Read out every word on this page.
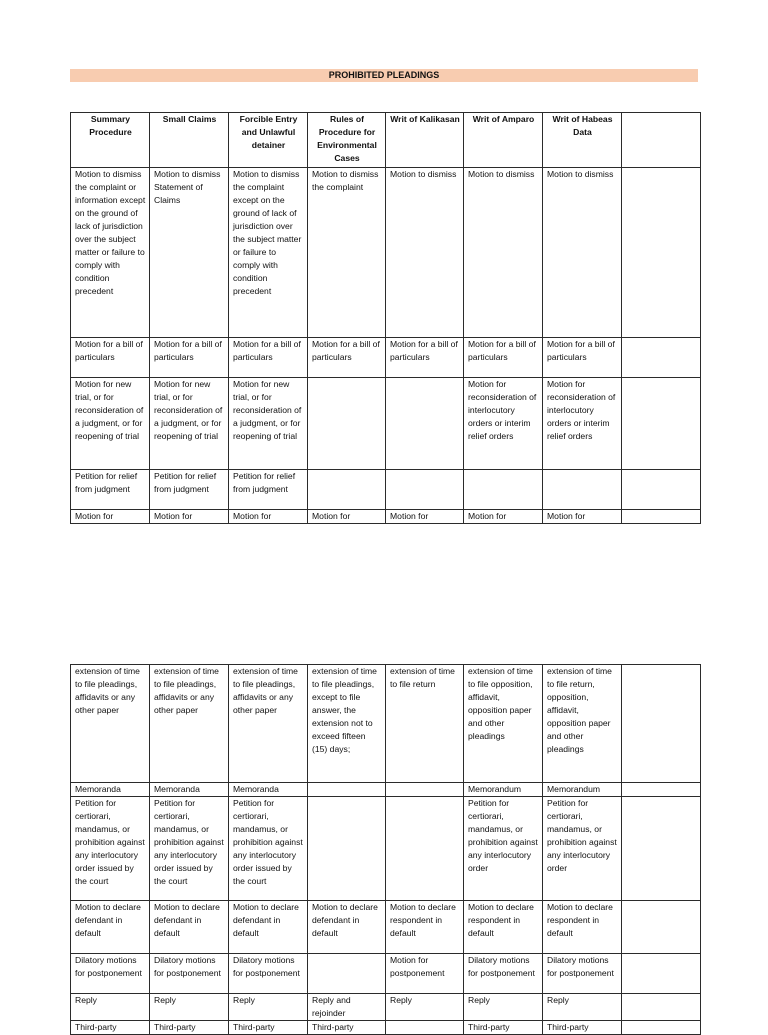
PROHIBITED PLEADINGS
Summary Procedure	Small Claims	Forcible Entry and Unlawful detainer	Rules of Procedure for Environmental Cases	Writ of Kalikasan	Writ of Amparo	Writ of Habeas Data	
Motion to dismiss the complaint or information except on the ground of lack of jurisdiction over the subject matter or failure to comply with condition precedent	Motion to dismiss Statement of Claims	Motion to dismiss the complaint except on the ground of lack of jurisdiction over the subject matter or failure to comply with condition precedent	Motion to dismiss the complaint	Motion to dismiss	Motion to dismiss	Motion to dismiss	
Motion for a bill of particulars	Motion for a bill of particulars	Motion for a bill of particulars	Motion for a bill of particulars	Motion for a bill of particulars	Motion for a bill of particulars	Motion for a bill of particulars	
Motion for new trial, or for reconsideration of a judgment, or for reopening of trial	Motion for new trial, or for reconsideration of a judgment, or for reopening of trial	Motion for new trial, or for reconsideration of a judgment, or for reopening of trial			Motion for reconsideration of interlocutory orders or interim relief orders	Motion for reconsideration of interlocutory orders or interim relief orders	
Petition for relief from judgment	Petition for relief from judgment	Petition for relief from judgment					
Motion for	Motion for	Motion for	Motion for	Motion for	Motion for	Motion for	
extension of time to file pleadings, affidavits or any other paper	extension of time to file pleadings, affidavits or any other paper	extension of time to file pleadings, affidavits or any other paper	extension of time to file pleadings, except to file answer, the extension not to exceed fifteen (15) days;	extension of time to file return	extension of time to file opposition, affidavit, opposition paper and other pleadings	extension of time to file return, opposition, affidavit, opposition paper and other pleadings	
Memoranda	Memoranda	Memoranda			Memorandum	Memorandum	
Petition for certiorari, mandamus, or prohibition against any interlocutory order issued by the court	Petition for certiorari, mandamus, or prohibition against any interlocutory order issued by the court	Petition for certiorari, mandamus, or prohibition against any interlocutory order issued by the court			Petition for certiorari, mandamus, or prohibition against any interlocutory order	Petition for certiorari, mandamus, or prohibition against any interlocutory order	
Motion to declare defendant in default	Motion to declare defendant in default	Motion to declare defendant in default	Motion to declare defendant in default	Motion to declare respondent in default	Motion to declare respondent in default	Motion to declare respondent in default	
Dilatory motions for postponement	Dilatory motions for postponement	Dilatory motions for postponement		Motion for postponement	Dilatory motions for postponement	Dilatory motions for postponement	
Reply	Reply	Reply	Reply and rejoinder	Reply	Reply	Reply	
Third-party	Third-party	Third-party	Third-party		Third-party	Third-party	
